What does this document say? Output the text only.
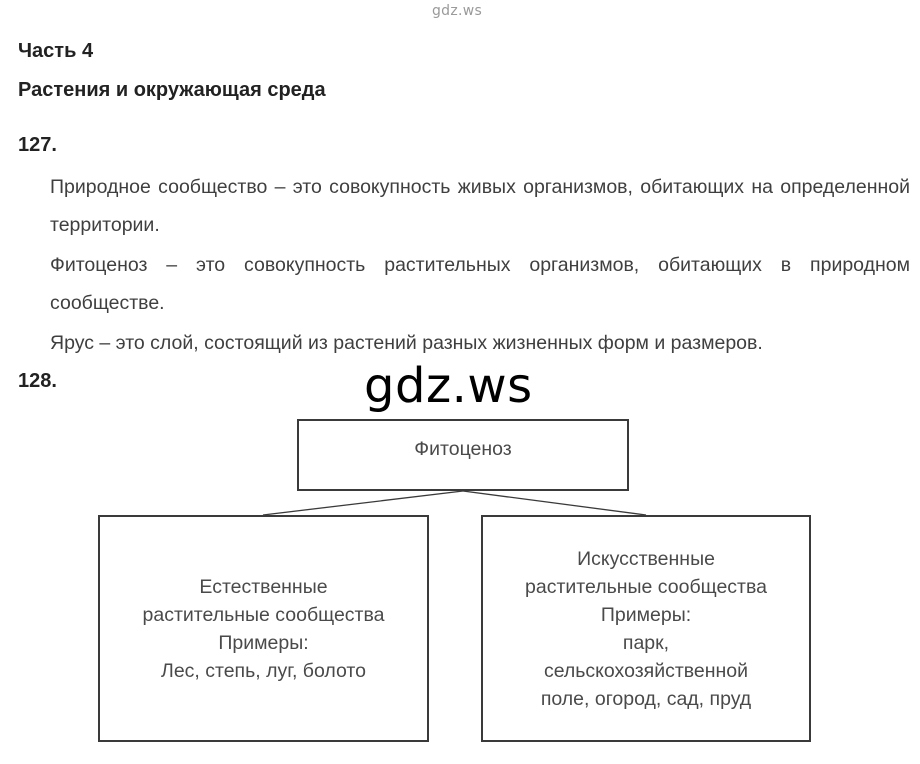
gdz.ws
Часть 4
Растения и окружающая среда
127.

Природное сообщество – это совокупность живых организмов, обитающих на определенной территории.

Фитоценоз – это совокупность растительных организмов, обитающих в природном сообществе.

Ярус – это слой, состоящий из растений разных жизненных форм и размеров.

128.
Фитоценоз
Естественные
растительные сообщества
Примеры:
Лес, степь, луг, болото
Искусственные
растительные сообщества
Примеры:
парк,
сельскохозяйственной
поле, огород, сад, пруд
gdz.ws
